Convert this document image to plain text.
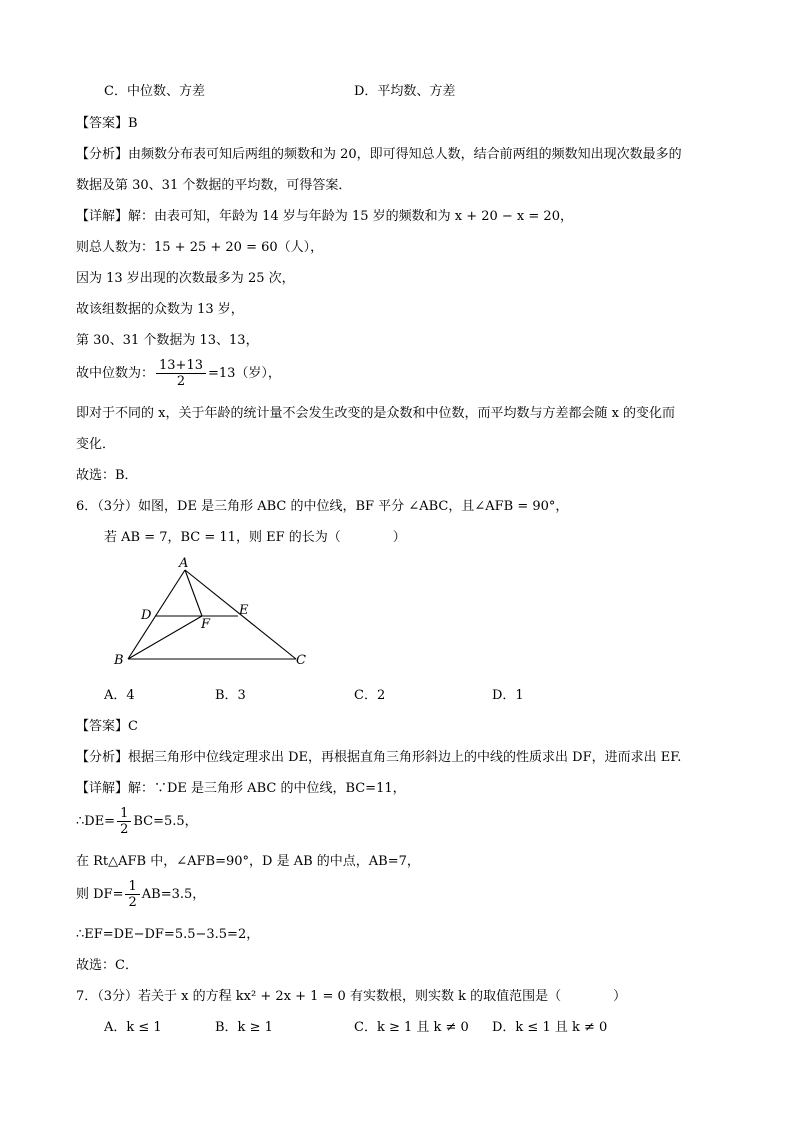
C．中位数、方差	D．平均数、方差
【答案】B
【分析】由频数分布表可知后两组的频数和为 20，即可得知总人数，结合前两组的频数知出现次数最多的
数据及第 30、31 个数据的平均数，可得答案．
【详解】解：由表可知，年龄为 14 岁与年龄为 15 岁的频数和为 x + 20 − x = 20，
则总人数为：15 + 25 + 20 = 60（人），
因为 13 岁出现的次数最多为 25 次，
故该组数据的众数为 13 岁，
第 30、31 个数据为 13、13，
故中位数为： $\frac{13+13}{2} =13$（岁），
即对于不同的 x，关于年龄的统计量不会发生改变的是众数和中位数，而平均数与方差都会随 x 的变化而
变化．
故选：B．
6．（3分）如图，DE 是三角形 ABC 的中位线，BF 平分 ∠ABC，且∠AFB = 90°，
若 AB = 7，BC = 11，则 EF 的长为（　　　　）
A
B	C
D	E
F
A．4	B．3	C．2	D．1
【答案】C
【分析】根据三角形中位线定理求出 DE，再根据直角三角形斜边上的中线的性质求出 DF，进而求出 EF.
【详解】解：∵DE 是三角形 ABC 的中位线，BC=11，
∴DE= $\frac{1}{2} BC=5.5$，
在 Rt△AFB 中，∠AFB=90°，D 是 AB 的中点，AB=7，
则 $DF= \frac{1}{2} AB=3.5$，
∴EF=DE−DF=5.5−3.5=2，
故选：C．
7．（3分）若关于 x 的方程 kx² + 2x + 1 = 0 有实数根，则实数 k 的取值范围是（　　　　）
A．k ≤ 1	B．k ≥ 1	C．k ≥ 1 且 k ≠ 0 D．k ≤ 1 且 k ≠ 0
